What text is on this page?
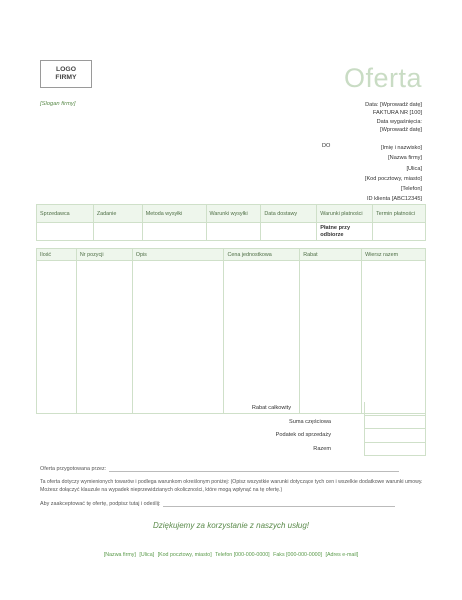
LOGO
FIRMY	Oferta
[Slogan firmy]	Data: [Wprowadź datę]
FAKTURA NR [100]
Data wygaśnięcia:
[Wprowadź datę]
DO	[Imię i nazwisko]
[Nazwa firmy]
[Ulica]
[Kod pocztowy, miasto]
[Telefon]
ID klienta [ABC12345]
Sprzedawca	Zadanie	Metoda wysyłki	Warunki wysyłki	Data dostawy	Warunki płatności	Termin płatności
					Płatne przy odbiorze	
Ilość	Nr pozycji	Opis	Cena jednostkowa	Rabat	Wiersz razem

Rabat całkowity
Suma częściowa
Podatek od sprzedaży
Razem
Oferta przygotowana przez:
Ta oferta dotyczy wymienionych towarów i podlega warunkom określonym poniżej: (Opisz wszystkie warunki dotyczące tych cen i wszelkie dodatkowe warunki umowy. Możesz dołączyć klauzule na wypadek nieprzewidzianych okoliczności, które mogą wpłynąć na tę ofertę.)
Aby zaakceptować tę ofertę, podpisz tutaj i odeślij:
Dziękujemy za korzystanie z naszych usług!
[Nazwa firmy] [Ulica] [Kod pocztowy, miasto] Telefon [000-000-0000] Faks [000-000-0000] [Adres e-mail]
